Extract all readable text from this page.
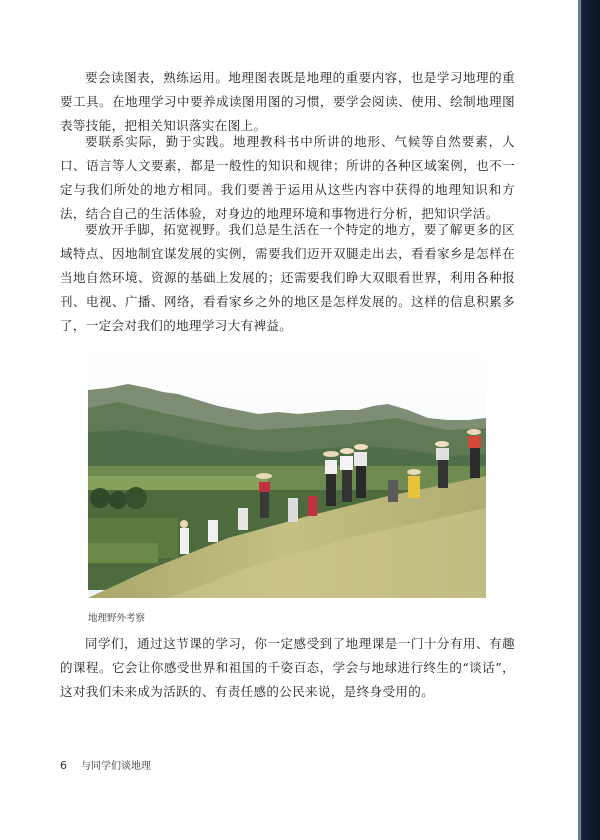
要会读图表，熟练运用。地理图表既是地理的重要内容，也是学习地理的重要工具。在地理学习中要养成读图用图的习惯，要学会阅读、使用、绘制地理图表等技能，把相关知识落实在图上。

要联系实际，勤于实践。地理教科书中所讲的地形、气候等自然要素，人口、语言等人文要素，都是一般性的知识和规律；所讲的各种区域案例，也不一定与我们所处的地方相同。我们要善于运用从这些内容中获得的地理知识和方法，结合自己的生活体验，对身边的地理环境和事物进行分析，把知识学活。

要放开手脚，拓宽视野。我们总是生活在一个特定的地方，要了解更多的区域特点、因地制宜谋发展的实例，需要我们迈开双腿走出去，看看家乡是怎样在当地自然环境、资源的基础上发展的；还需要我们睁大双眼看世界，利用各种报刊、电视、广播、网络，看看家乡之外的地区是怎样发展的。这样的信息积累多了，一定会对我们的地理学习大有裨益。

地理野外考察

同学们，通过这节课的学习，你一定感受到了地理课是一门十分有用、有趣的课程。它会让你感受世界和祖国的千姿百态，学会与地球进行终生的“谈话”，这对我们未来成为活跃的、有责任感的公民来说，是终身受用的。

6 与同学们谈地理
